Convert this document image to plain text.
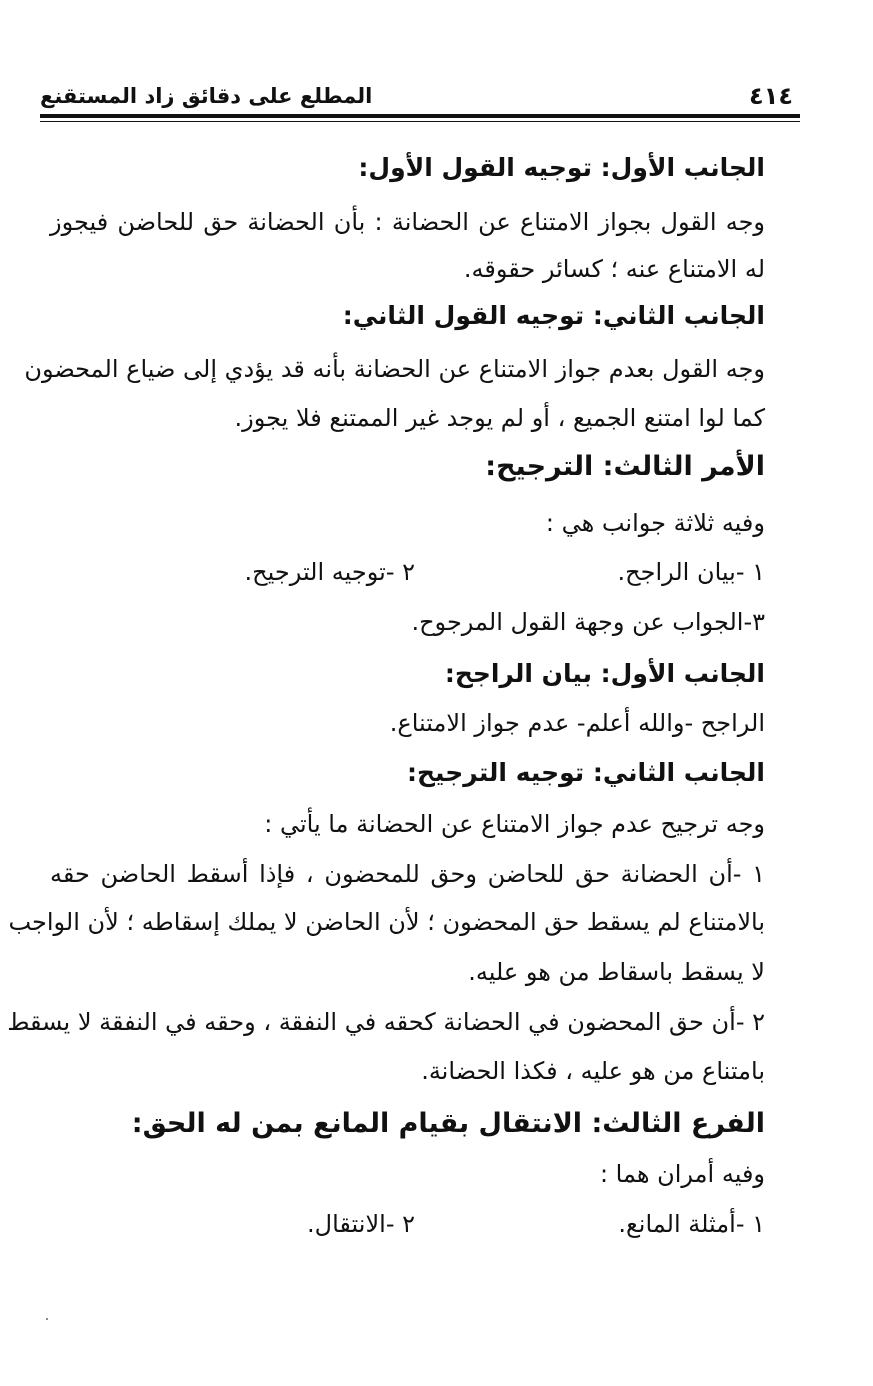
٤١٤
المطلع على دقائق زاد المستقنع
الجانب الأول: توجيه القول الأول:
وجه القول بجواز الامتناع عن الحضانة : بأن الحضانة حق للحاضن فيجوز
له الامتناع عنه ؛ كسائر حقوقه.
الجانب الثاني: توجيه القول الثاني:
وجه القول بعدم جواز الامتناع عن الحضانة بأنه قد يؤدي إلى ضياع المحضون
كما لوا امتنع الجميع ، أو لم يوجد غير الممتنع فلا يجوز.
الأمر الثالث: الترجيح:
وفيه ثلاثة جوانب هي :
١ -بيان الراجح.
٢ -توجيه الترجيح.
٣-الجواب عن وجهة القول المرجوح.
الجانب الأول: بيان الراجح:
الراجح -والله أعلم- عدم جواز الامتناع.
الجانب الثاني: توجيه الترجيح:
وجه ترجيح عدم جواز الامتناع عن الحضانة ما يأتي :
١ -أن الحضانة حق للحاضن وحق للمحضون ، فإذا أسقط الحاضن حقه
بالامتناع لم يسقط حق المحضون ؛ لأن الحاضن لا يملك إسقاطه ؛ لأن الواجب
لا يسقط باسقاط من هو عليه.
٢ -أن حق المحضون في الحضانة كحقه في النفقة ، وحقه في النفقة لا يسقط
بامتناع من هو عليه ، فكذا الحضانة.
الفرع الثالث: الانتقال بقيام المانع بمن له الحق:
وفيه أمران هما :
١ -أمثلة المانع.
٢ -الانتقال.
